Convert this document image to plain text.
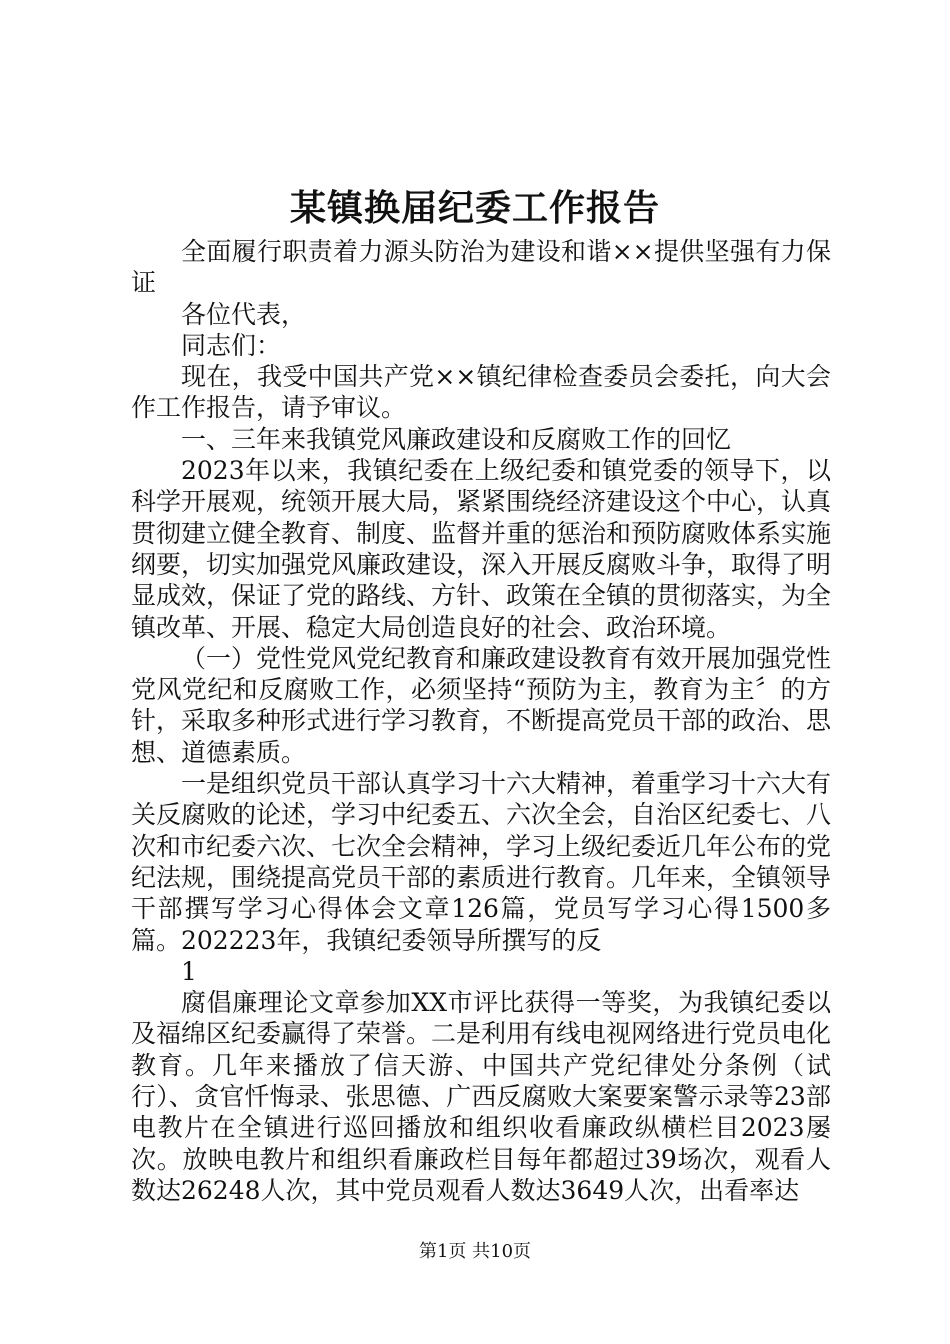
某镇换届纪委工作报告

全面履行职责着力源头防治为建设和谐××提供坚强有力保证

各位代表，

同志们：

现在，我受中国共产党××镇纪律检查委员会委托，向大会作工作报告，请予审议。

一、三年来我镇党风廉政建设和反腐败工作的回忆

2023年以来，我镇纪委在上级纪委和镇党委的领导下，以科学开展观，统领开展大局，紧紧围绕经济建设这个中心，认真贯彻建立健全教育、制度、监督并重的惩治和预防腐败体系实施纲要，切实加强党风廉政建设，深入开展反腐败斗争，取得了明显成效，保证了党的路线、方针、政策在全镇的贯彻落实，为全镇改革、开展、稳定大局创造良好的社会、政治环境。

（一）党性党风党纪教育和廉政建设教育有效开展加强党性党风党纪和反腐败工作，必须坚持“预防为主，教育为主〞的方针，采取多种形式进行学习教育，不断提高党员干部的政治、思想、道德素质。

一是组织党员干部认真学习十六大精神，着重学习十六大有关反腐败的论述，学习中纪委五、六次全会，自治区纪委七、八次和市纪委六次、七次全会精神，学习上级纪委近几年公布的党纪法规，围绕提高党员干部的素质进行教育。几年来，全镇领导干部撰写学习心得体会文章126篇，党员写学习心得1500多篇。202223年，我镇纪委领导所撰写的反

1

腐倡廉理论文章参加XX市评比获得一等奖，为我镇纪委以及福绵区纪委赢得了荣誉。二是利用有线电视网络进行党员电化教育。几年来播放了信天游、中国共产党纪律处分条例（试行）、贪官忏悔录、张思德、广西反腐败大案要案警示录等23部电教片在全镇进行巡回播放和组织收看廉政纵横栏目2023屡次。放映电教片和组织看廉政栏目每年都超过39场次，观看人数达26248人次，其中党员观看人数达3649人次，出看率达

第1页 共10页
